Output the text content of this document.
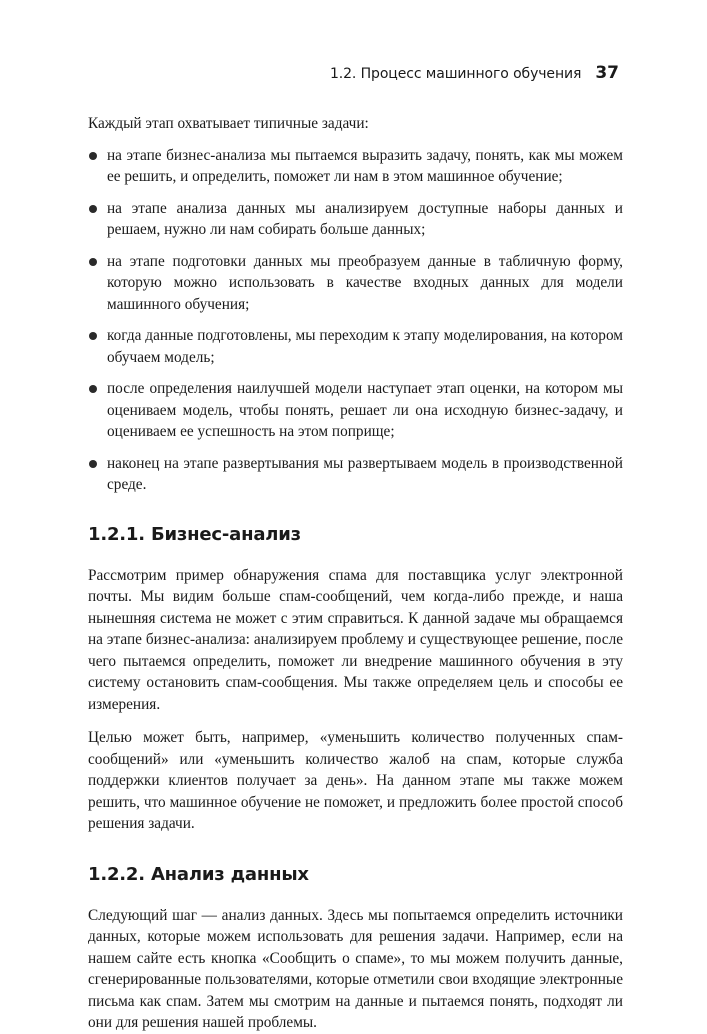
1.2. Процесс машинного обучения 37

Каждый этап охватывает типичные задачи:

на этапе бизнес-анализа мы пытаемся выразить задачу, понять, как мы можем ее решить, и определить, поможет ли нам в этом машинное обучение;
на этапе анализа данных мы анализируем доступные наборы данных и решаем, нужно ли нам собирать больше данных;
на этапе подготовки данных мы преобразуем данные в табличную форму, которую можно использовать в качестве входных данных для модели машинного обучения;
когда данные подготовлены, мы переходим к этапу моделирования, на котором обучаем модель;
после определения наилучшей модели наступает этап оценки, на котором мы оцениваем модель, чтобы понять, решает ли она исходную бизнес-задачу, и оцениваем ее успешность на этом поприще;
наконец на этапе развертывания мы развертываем модель в производственной среде.
1.2.1. Бизнес-анализ

Рассмотрим пример обнаружения спама для поставщика услуг электронной почты. Мы видим больше спам-сообщений, чем когда-либо прежде, и наша нынешняя система не может с этим справиться. К данной задаче мы обращаемся на этапе бизнес-анализа: анализируем проблему и существующее решение, после чего пытаемся определить, поможет ли внедрение машинного обучения в эту систему остановить спам-сообщения. Мы также определяем цель и способы ее измерения.

Целью может быть, например, «уменьшить количество полученных спам-сообщений» или «уменьшить количество жалоб на спам, которые служба поддержки клиентов получает за день». На данном этапе мы также можем решить, что машинное обучение не поможет, и предложить более простой способ решения задачи.

1.2.2. Анализ данных

Следующий шаг — анализ данных. Здесь мы попытаемся определить источники данных, которые можем использовать для решения задачи. Например, если на нашем сайте есть кнопка «Сообщить о спаме», то мы можем получить данные, сгенерированные пользователями, которые отметили свои входящие электронные письма как спам. Затем мы смотрим на данные и пытаемся понять, подходят ли они для решения нашей проблемы.
